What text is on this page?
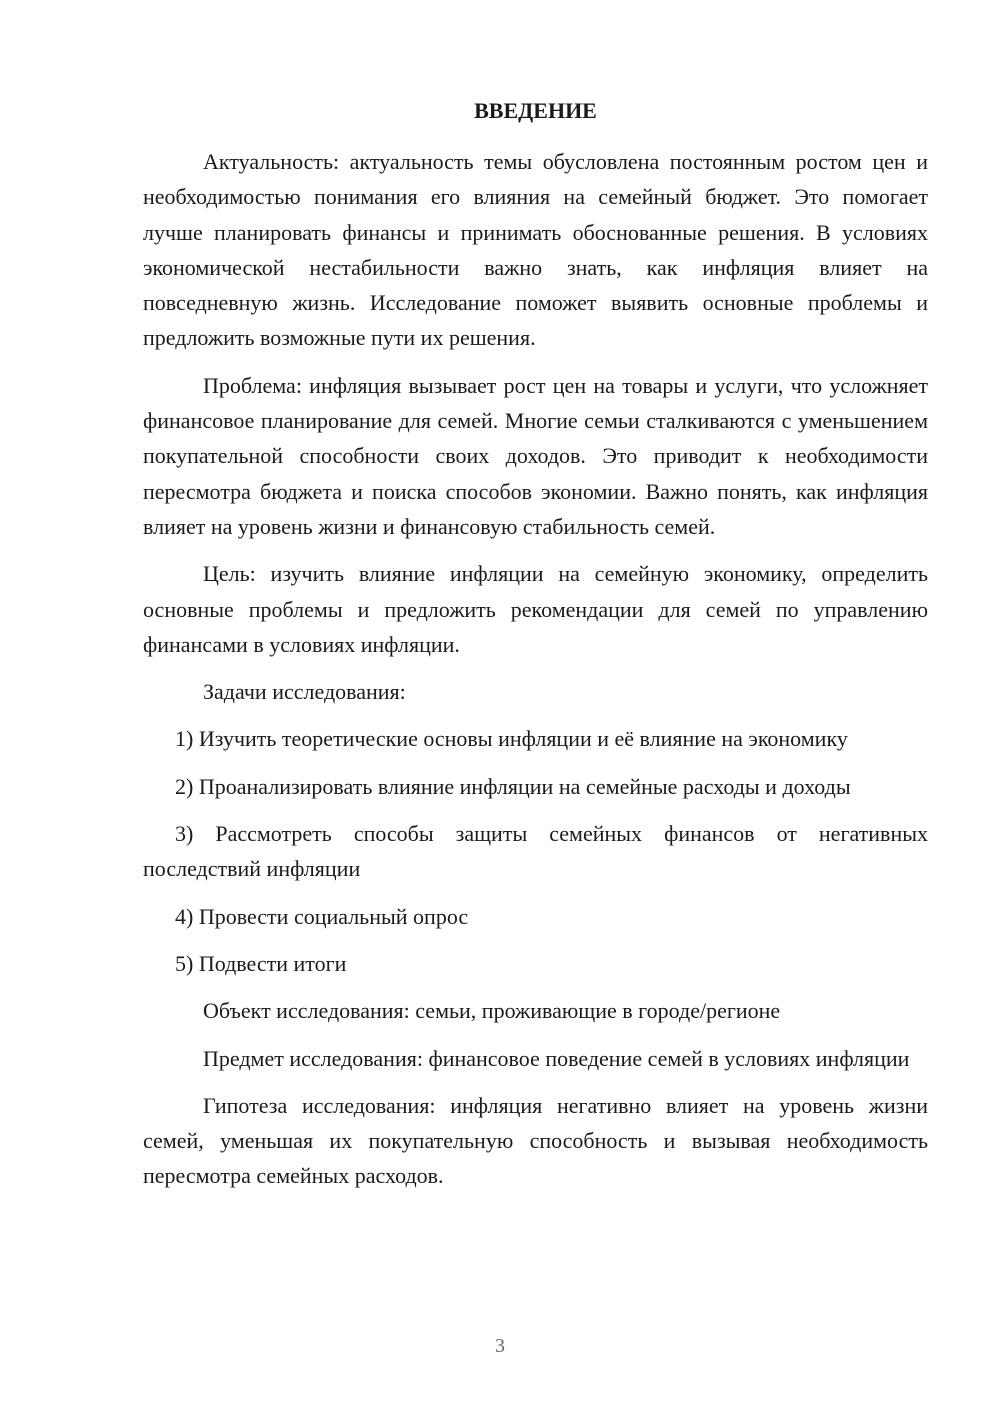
ВВЕДЕНИЕ

Актуальность: актуальность темы обусловлена постоянным ростом цен и необходимостью понимания его влияния на семейный бюджет. Это помогает лучше планировать финансы и принимать обоснованные решения. В условиях экономической нестабильности важно знать, как инфляция влияет на повседневную жизнь. Исследование поможет выявить основные проблемы и предложить возможные пути их решения.

Проблема: инфляция вызывает рост цен на товары и услуги, что усложняет финансовое планирование для семей. Многие семьи сталкиваются с уменьшением покупательной способности своих доходов. Это приводит к необходимости пересмотра бюджета и поиска способов экономии. Важно понять, как инфляция влияет на уровень жизни и финансовую стабильность семей.

Цель: изучить влияние инфляции на семейную экономику, определить основные проблемы и предложить рекомендации для семей по управлению финансами в условиях инфляции.

Задачи исследования:

1) Изучить теоретические основы инфляции и её влияние на экономику

2) Проанализировать влияние инфляции на семейные расходы и доходы

3) Рассмотреть способы защиты семейных финансов от негативных последствий инфляции

4) Провести социальный опрос

5) Подвести итоги

Объект исследования: семьи, проживающие в городе/регионе

Предмет исследования: финансовое поведение семей в условиях инфляции

Гипотеза исследования: инфляция негативно влияет на уровень жизни семей, уменьшая их покупательную способность и вызывая необходимость пересмотра семейных расходов.

3
